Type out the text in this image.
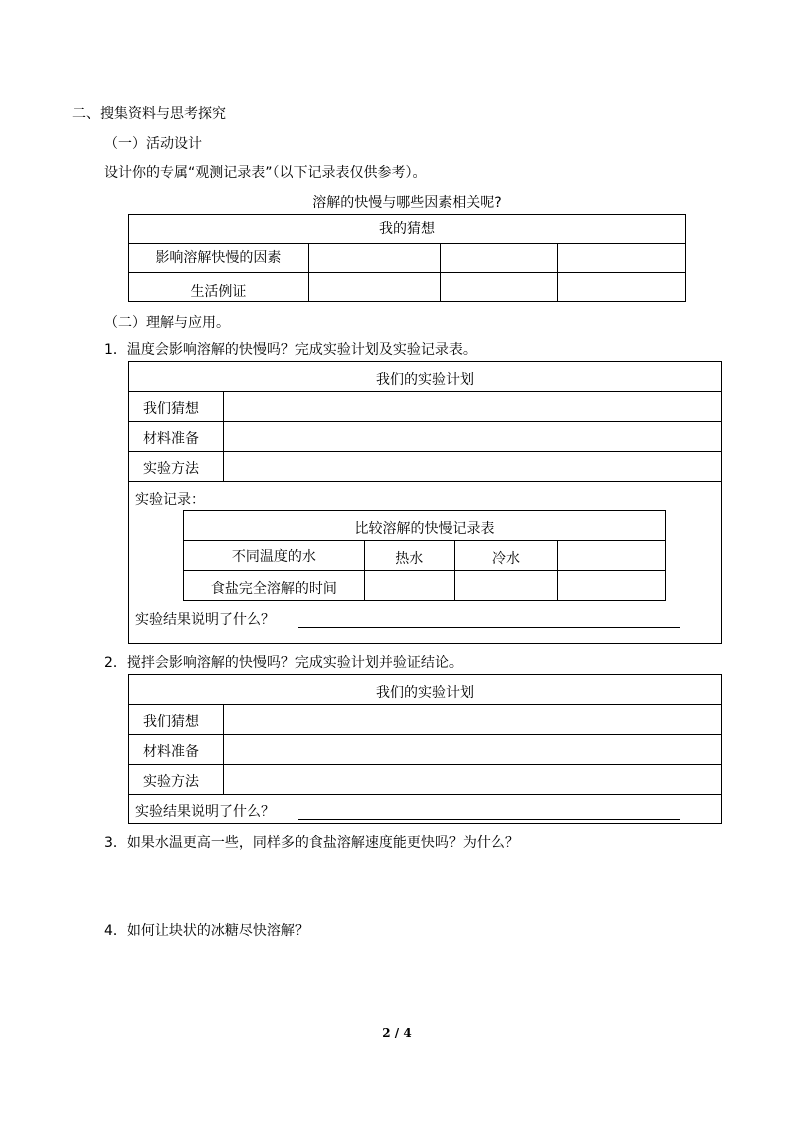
二、搜集资料与思考探究
（一）活动设计
设计你的专属“观测记录表”（以下记录表仅供参考）。
溶解的快慢与哪些因素相关呢?
我的猜想			
影响溶解快慢的因素			
生活例证			
（二）理解与应用。
1．温度会影响溶解的快慢吗？完成实验计划及实验记录表。
我们的实验计划
我们猜想
材料准备
实验方法
实验记录：
比较溶解的快慢记录表			
不同温度的水	热水	冷水	
食盐完全溶解的时间			
实验结果说明了什么？
2．搅拌会影响溶解的快慢吗？完成实验计划并验证结论。
我们的实验计划
我们猜想
材料准备
实验方法
实验结果说明了什么？
3．如果水温更高一些，同样多的食盐溶解速度能更快吗？为什么？
4．如何让块状的冰糖尽快溶解？
2 / 4
